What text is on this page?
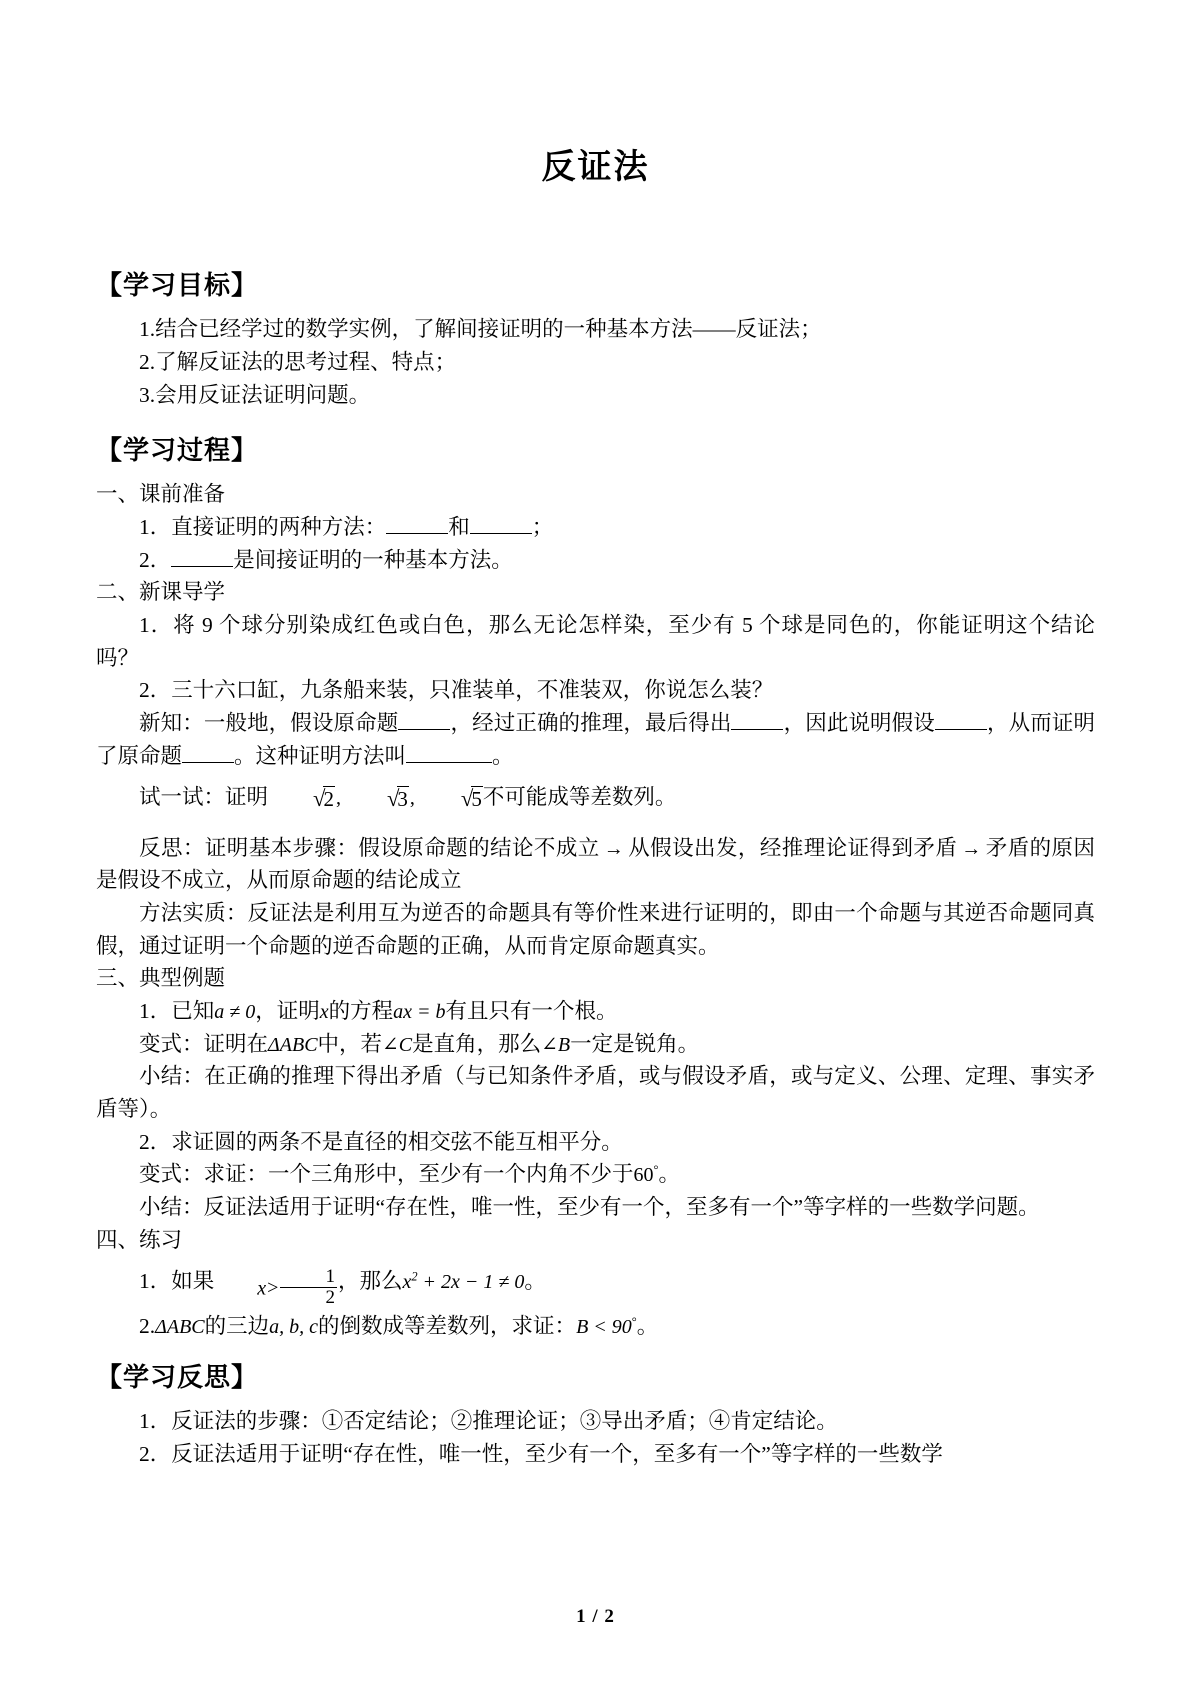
反证法
【学习目标】

1.结合已经学过的数学实例，了解间接证明的一种基本方法——反证法；

2.了解反证法的思考过程、特点；

3.会用反证法证明问题。

【学习过程】

一、课前准备

1．直接证明的两种方法：	和	；

2．	是间接证明的一种基本方法。

二、新课导学

1．将 9 个球分别染成红色或白色，那么无论怎样染，至少有 5 个球是同色的，你能证明这个结论吗？

2．三十六口缸，九条船来装，只准装单，不准装双，你说怎么装？

新知：一般地，假设原命题 ，经过正确的推理，最后得出 ，因此说明假设 ，从而证明了原命题 。这种证明方法叫	。

试一试：证明 √2 , √3 , √5不可能成等差数列。

反思：证明基本步骤：假设原命题的结论不成立 → 从假设出发，经推理论证得到矛盾 → 矛盾的原因是假设不成立，从而原命题的结论成立

方法实质：反证法是利用互为逆否的命题具有等价性来进行证明的，即由一个命题与其逆否命题同真假，通过证明一个命题的逆否命题的正确，从而肯定原命题真实。

三、典型例题

1．已知a ≠ 0，证明x的方程ax = b有且只有一个根。

变式：证明在ΔABC中，若∠C是直角，那么∠B一定是锐角。

小结：在正确的推理下得出矛盾（与已知条件矛盾，或与假设矛盾，或与定义、公理、定理、事实矛盾等）。

2．求证圆的两条不是直径的相交弦不能互相平分。

变式：求证：一个三角形中，至少有一个内角不少于60°。

小结：反证法适用于证明“存在性，唯一性，至少有一个，至多有一个”等字样的一些数学问题。

四、练习

1．如果 $x> \frac{1}{2}$ ，那么$x^2 + 2x - 1 \ne 0$。

2.ΔABC的三边a, b, c的倒数成等差数列，求证：B < 90°。

【学习反思】

1．反证法的步骤：①否定结论；②推理论证；③导出矛盾；④肯定结论。

2．反证法适用于证明“存在性，唯一性，至少有一个，至多有一个”等字样的一些数学

1 / 2
